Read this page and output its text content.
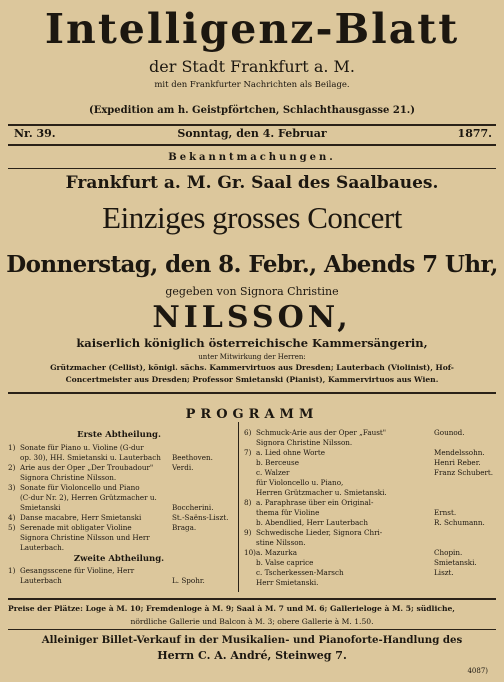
Intelligenz-Blatt
der Stadt Frankfurt a. M.
mit den Frankfurter Nachrichten als Beilage.
(Expedition am h. Geistpförtchen, Schlachthausgasse 21.)
Nr. 39.	Sonntag, den 4. Februar	1877.
Bekanntmachungen.
Frankfurt a. M. Gr. Saal des Saalbaues.
Einziges grosses Concert
Donnerstag, den 8. Febr., Abends 7 Uhr,
gegeben von Signora Christine
NILSSON,
kaiserlich königlich österreichische Kammersängerin,
unter Mitwirkung der Herren:
Grützmacher (Cellist), königl. sächs. Kammervirtuos aus Dresden; Lauterbach (Violinist), Hof-
Concertmeister aus Dresden; Professor Smietanski (Pianist), Kammervirtuos aus Wien.
PROGRAMM
Erste Abtheilung.
1) Sonate für Piano u. Violine (G-dur
op. 30), HH. Smietanski u. Lauterbach Beethoven.
2) Arie aus der Oper „Der Troubadour"	Verdi.
Signora Christine Nilsson.
3) Sonate für Violoncello und Piano
(C-dur Nr. 2), Herren Grützmacher u.
Smietanski	Boccherini.
4) Danse macabre, Herr Smietanski	St.-Saëns-Liszt.
5) Serenade mit obligater Violine	Braga.
Signora Christine Nilsson und Herr
Lauterbach.
Zweite Abtheilung.
1) Gesangsscene für Violine, Herr
Lauterbach	L. Spohr.
6) Schmuck-Arie aus der Oper „Faust"	Gounod.
Signora Christine Nilsson.
7) a. Lied ohne Worte	Mendelssohn.
b. Berceuse	Henri Reber.
c. Walzer	Franz Schubert.
für Violoncello u. Piano,
Herren Grützmacher u. Smietanski.
8) a. Paraphrase über ein Original-
thema für Violine	Ernst.
b. Abendlied, Herr Lauterbach	R. Schumann.
9) Schwedische Lieder, Signora Chri-
stine Nilsson.
10) a. Mazurka	Chopin.
b. Valse caprice	Smietanski.
c. Tscherkessen-Marsch	Liszt.
Herr Smietanski.
Preise der Plätze: Loge à M. 10; Fremdenloge à M. 9; Saal à M. 7 und M. 6; Gallerieloge à M. 5; südliche,
nördliche Gallerie und Balcon à M. 3; obere Gallerie à M. 1.50.
Alleiniger Billet-Verkauf in der Musikalien- und Pianoforte-Handlung des
Herrn C. A. André, Steinweg 7.
4087)
